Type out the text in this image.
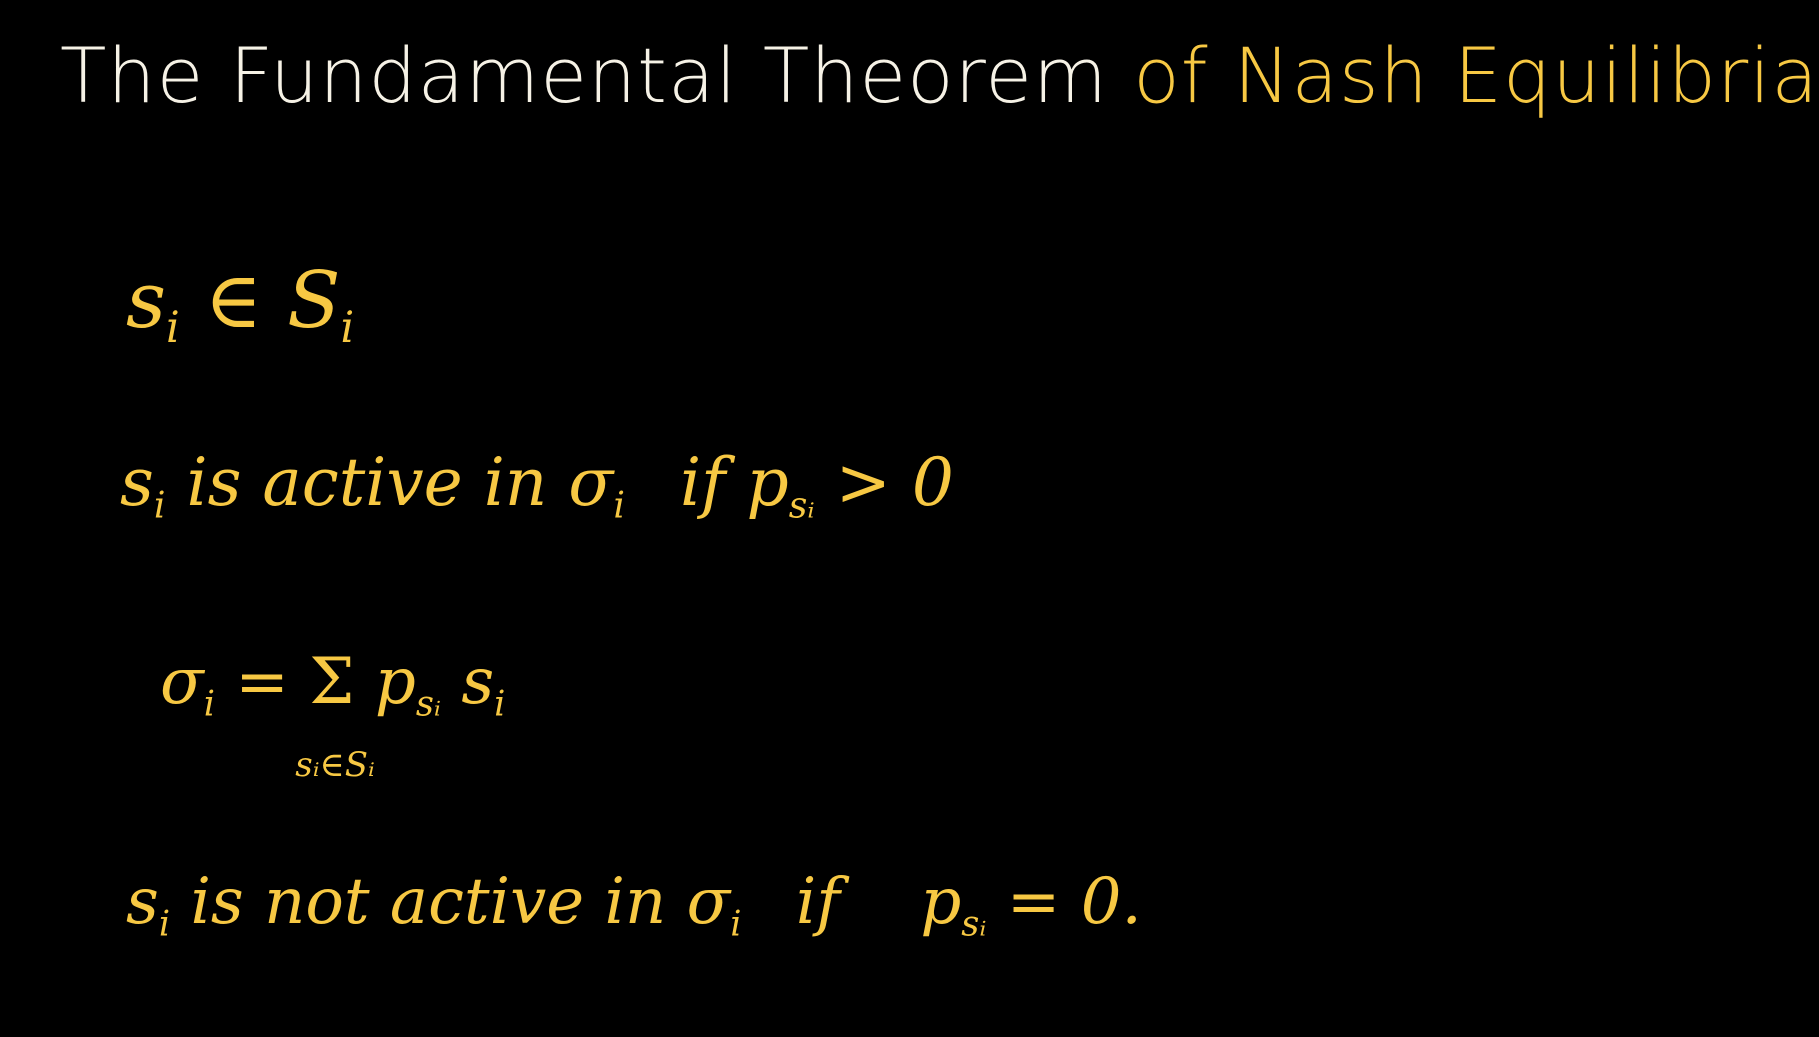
The Fundamental Theorem of Nash Equilibria
$s_i$ ∈ $S_i$
$s_i$ is active in $\sigma_i$ if $p_{sᵢ} > 0$
$\sigma_i = \Sigma$
sᵢ∈Sᵢ
$p_{sᵢ}$ $s_i$
$s_i$ is not active in $\sigma_i$ if $p_{sᵢ} = 0$.
